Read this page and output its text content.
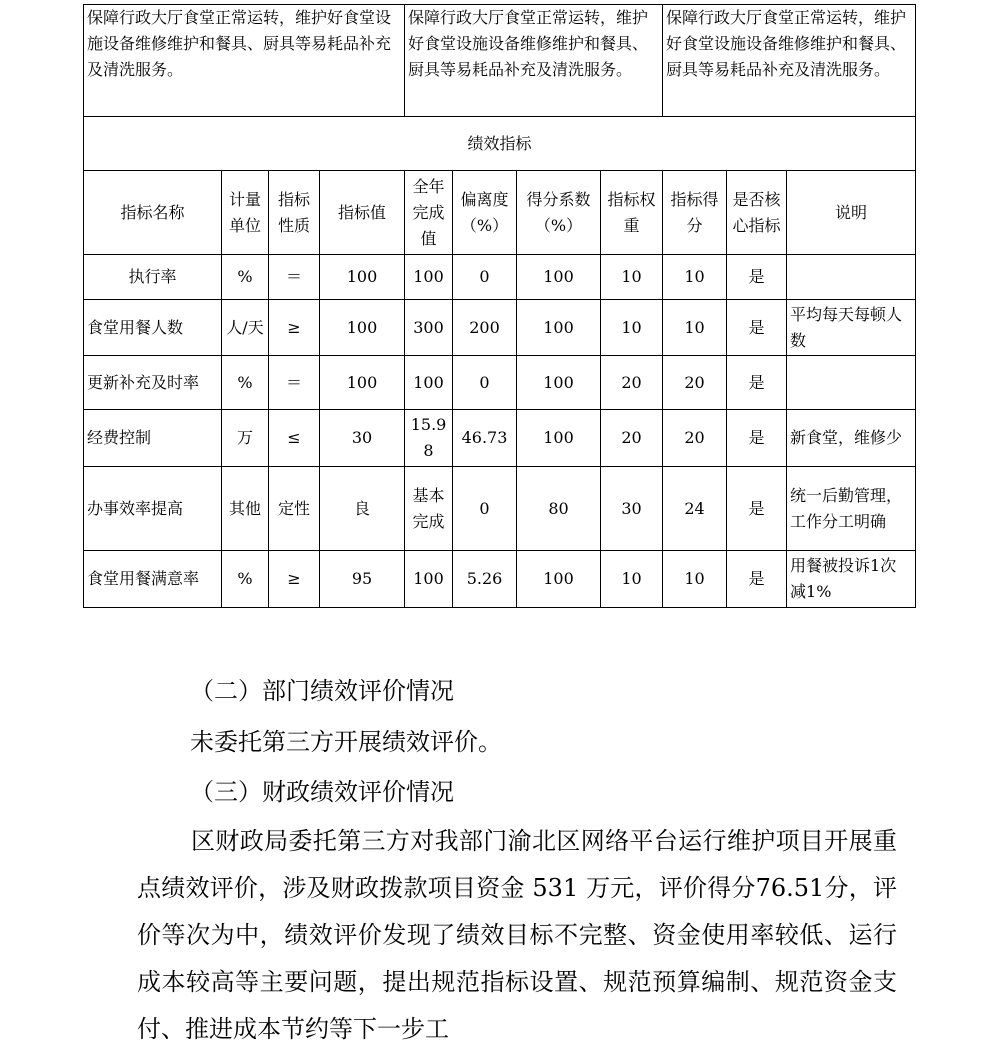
保障行政大厅食堂正常运转，维护好食堂设施设备维修维护和餐具、厨具等易耗品补充及清洗服务。				保障行政大厅食堂正常运转，维护好食堂设施设备维修维护和餐具、厨具等易耗品补充及清洗服务。				保障行政大厅食堂正常运转，维护好食堂设施设备维修维护和餐具、厨具等易耗品补充及清洗服务。		
绩效指标										
指标名称	计量单位	指标性质	指标值	全年完成值	偏离度（%）	得分系数（%）	指标权重	指标得分	是否核心指标	说明
执行率	%	＝	100	100	0	100	10	10	是	
食堂用餐人数	人/天	≥	100	300	200	100	10	10	是	平均每天每顿人数
更新补充及时率	%	＝	100	100	0	100	20	20	是	
经费控制	万	≤	30	15.98	46.73	100	20	20	是	新食堂，维修少
办事效率提高	其他	定性	良	基本完成	0	80	30	24	是	统一后勤管理，工作分工明确
食堂用餐满意率	%	≥	95	100	5.26	100	10	10	是	用餐被投诉1次减1%
（二）部门绩效评价情况
未委托第三方开展绩效评价。
（三）财政绩效评价情况
区财政局委托第三方对我部门渝北区网络平台运行维护项目开展重点绩效评价，涉及财政拨款项目资金 531 万元，评价得分76.51分，评价等次为中，绩效评价发现了绩效目标不完整、资金使用率较低、运行成本较高等主要问题，提出规范指标设置、规范预算编制、规范资金支付、推进成本节约等下一步工
